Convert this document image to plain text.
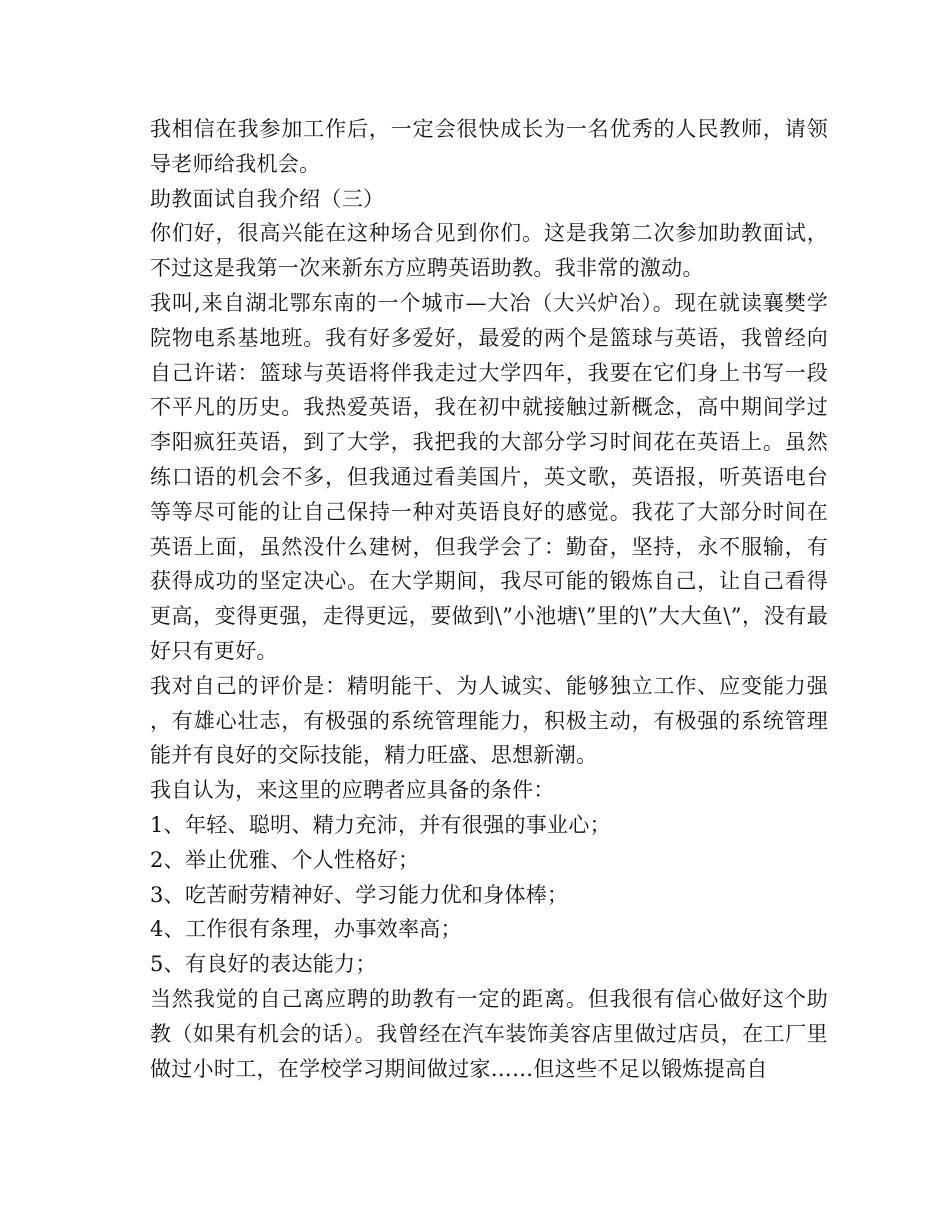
我相信在我参加工作后，一定会很快成长为一名优秀的人民教师，请领导老师给我机会。

助教面试自我介绍（三）

你们好，很高兴能在这种场合见到你们。这是我第二次参加助教面试，不过这是我第一次来新东方应聘英语助教。我非常的激动。

我叫,来自湖北鄂东南的一个城市—大冶（大兴炉冶）。现在就读襄樊学院物电系基地班。我有好多爱好，最爱的两个是篮球与英语，我曾经向自己许诺：篮球与英语将伴我走过大学四年，我要在它们身上书写一段不平凡的历史。我热爱英语，我在初中就接触过新概念，高中期间学过李阳疯狂英语，到了大学，我把我的大部分学习时间花在英语上。虽然练口语的机会不多，但我通过看美国片，英文歌，英语报，听英语电台等等尽可能的让自己保持一种对英语良好的感觉。我花了大部分时间在英语上面，虽然没什么建树，但我学会了：勤奋，坚持，永不服输，有获得成功的坚定决心。在大学期间，我尽可能的锻炼自己，让自己看得更高，变得更强，走得更远，要做到\”小池塘\”里的\”大大鱼\”，没有最好只有更好。

我对自己的评价是：精明能干、为人诚实、能够独立工作、应变能力强，有雄心壮志，有极强的系统管理能力，积极主动，有极强的系统管理能并有良好的交际技能，精力旺盛、思想新潮。

我自认为，来这里的应聘者应具备的条件：

1、年轻、聪明、精力充沛，并有很强的事业心；

2、举止优雅、个人性格好；

3、吃苦耐劳精神好、学习能力优和身体棒；

4、工作很有条理，办事效率高；

5、有良好的表达能力；

当然我觉的自己离应聘的助教有一定的距离。但我很有信心做好这个助教（如果有机会的话）。我曾经在汽车装饰美容店里做过店员，在工厂里做过小时工，在学校学习期间做过家……但这些不足以锻炼提高自
